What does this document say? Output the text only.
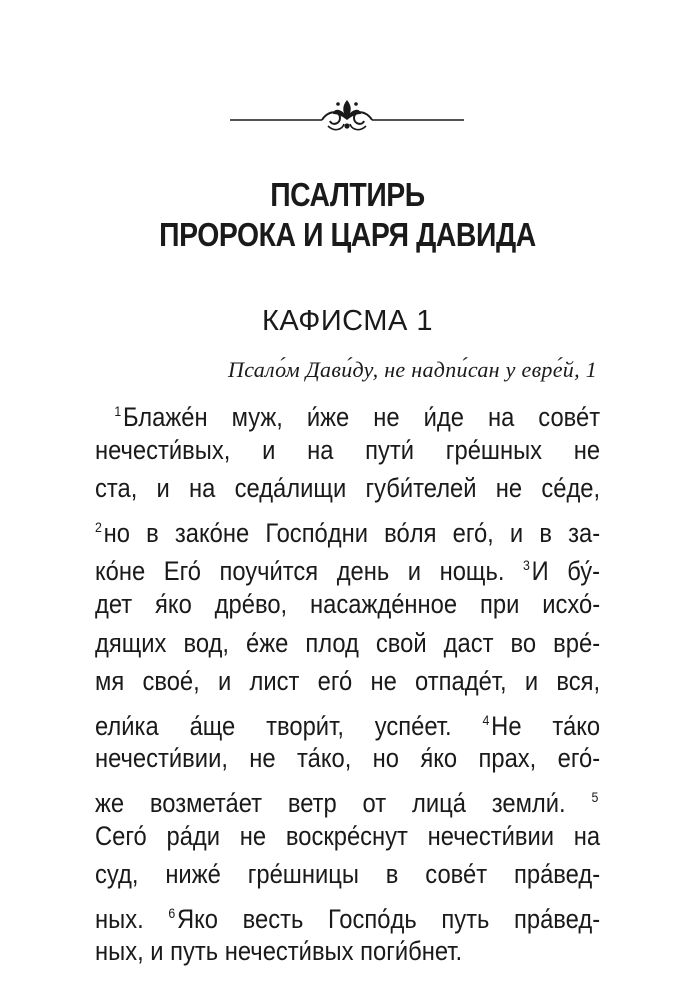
ПСАЛТИРЬ
ПРОРОКА И ЦАРЯ ДАВИДА
КАФИСМА 1
Псало́м Дави́ду, не надпи́сан у евре́й, 1
$^1$Блаже́н муж, и́же не и́де на сове́т
нечести́вых, и на пути́ гре́шных не
ста, и на седа́лищи губи́телей не се́де,
$^2$но в зако́не Госпо́дни во́ля его́, и в за-
ко́не Его́ поучи́тся день и нощь. $^3$И бу́-
дет я́ко дре́во, насажде́нное при исхо́-
дящих вод, е́же плод свой даст во вре́-
мя свое́, и лист его́ не отпаде́т, и вся,
ели́ка а́ще твори́т, успе́ет. $^4$Не та́ко
нечести́вии, не та́ко, но я́ко прах, его́-
же возмета́ет ветр от лица́ земли́. $^5$
Сего́ ра́ди не воскре́снут нечести́вии на
суд, ниже́ гре́шницы в сове́т пра́вед-
ных. $^6$Яко весть Госпо́дь путь пра́вед-
ных, и путь нечести́вых поги́бнет.
